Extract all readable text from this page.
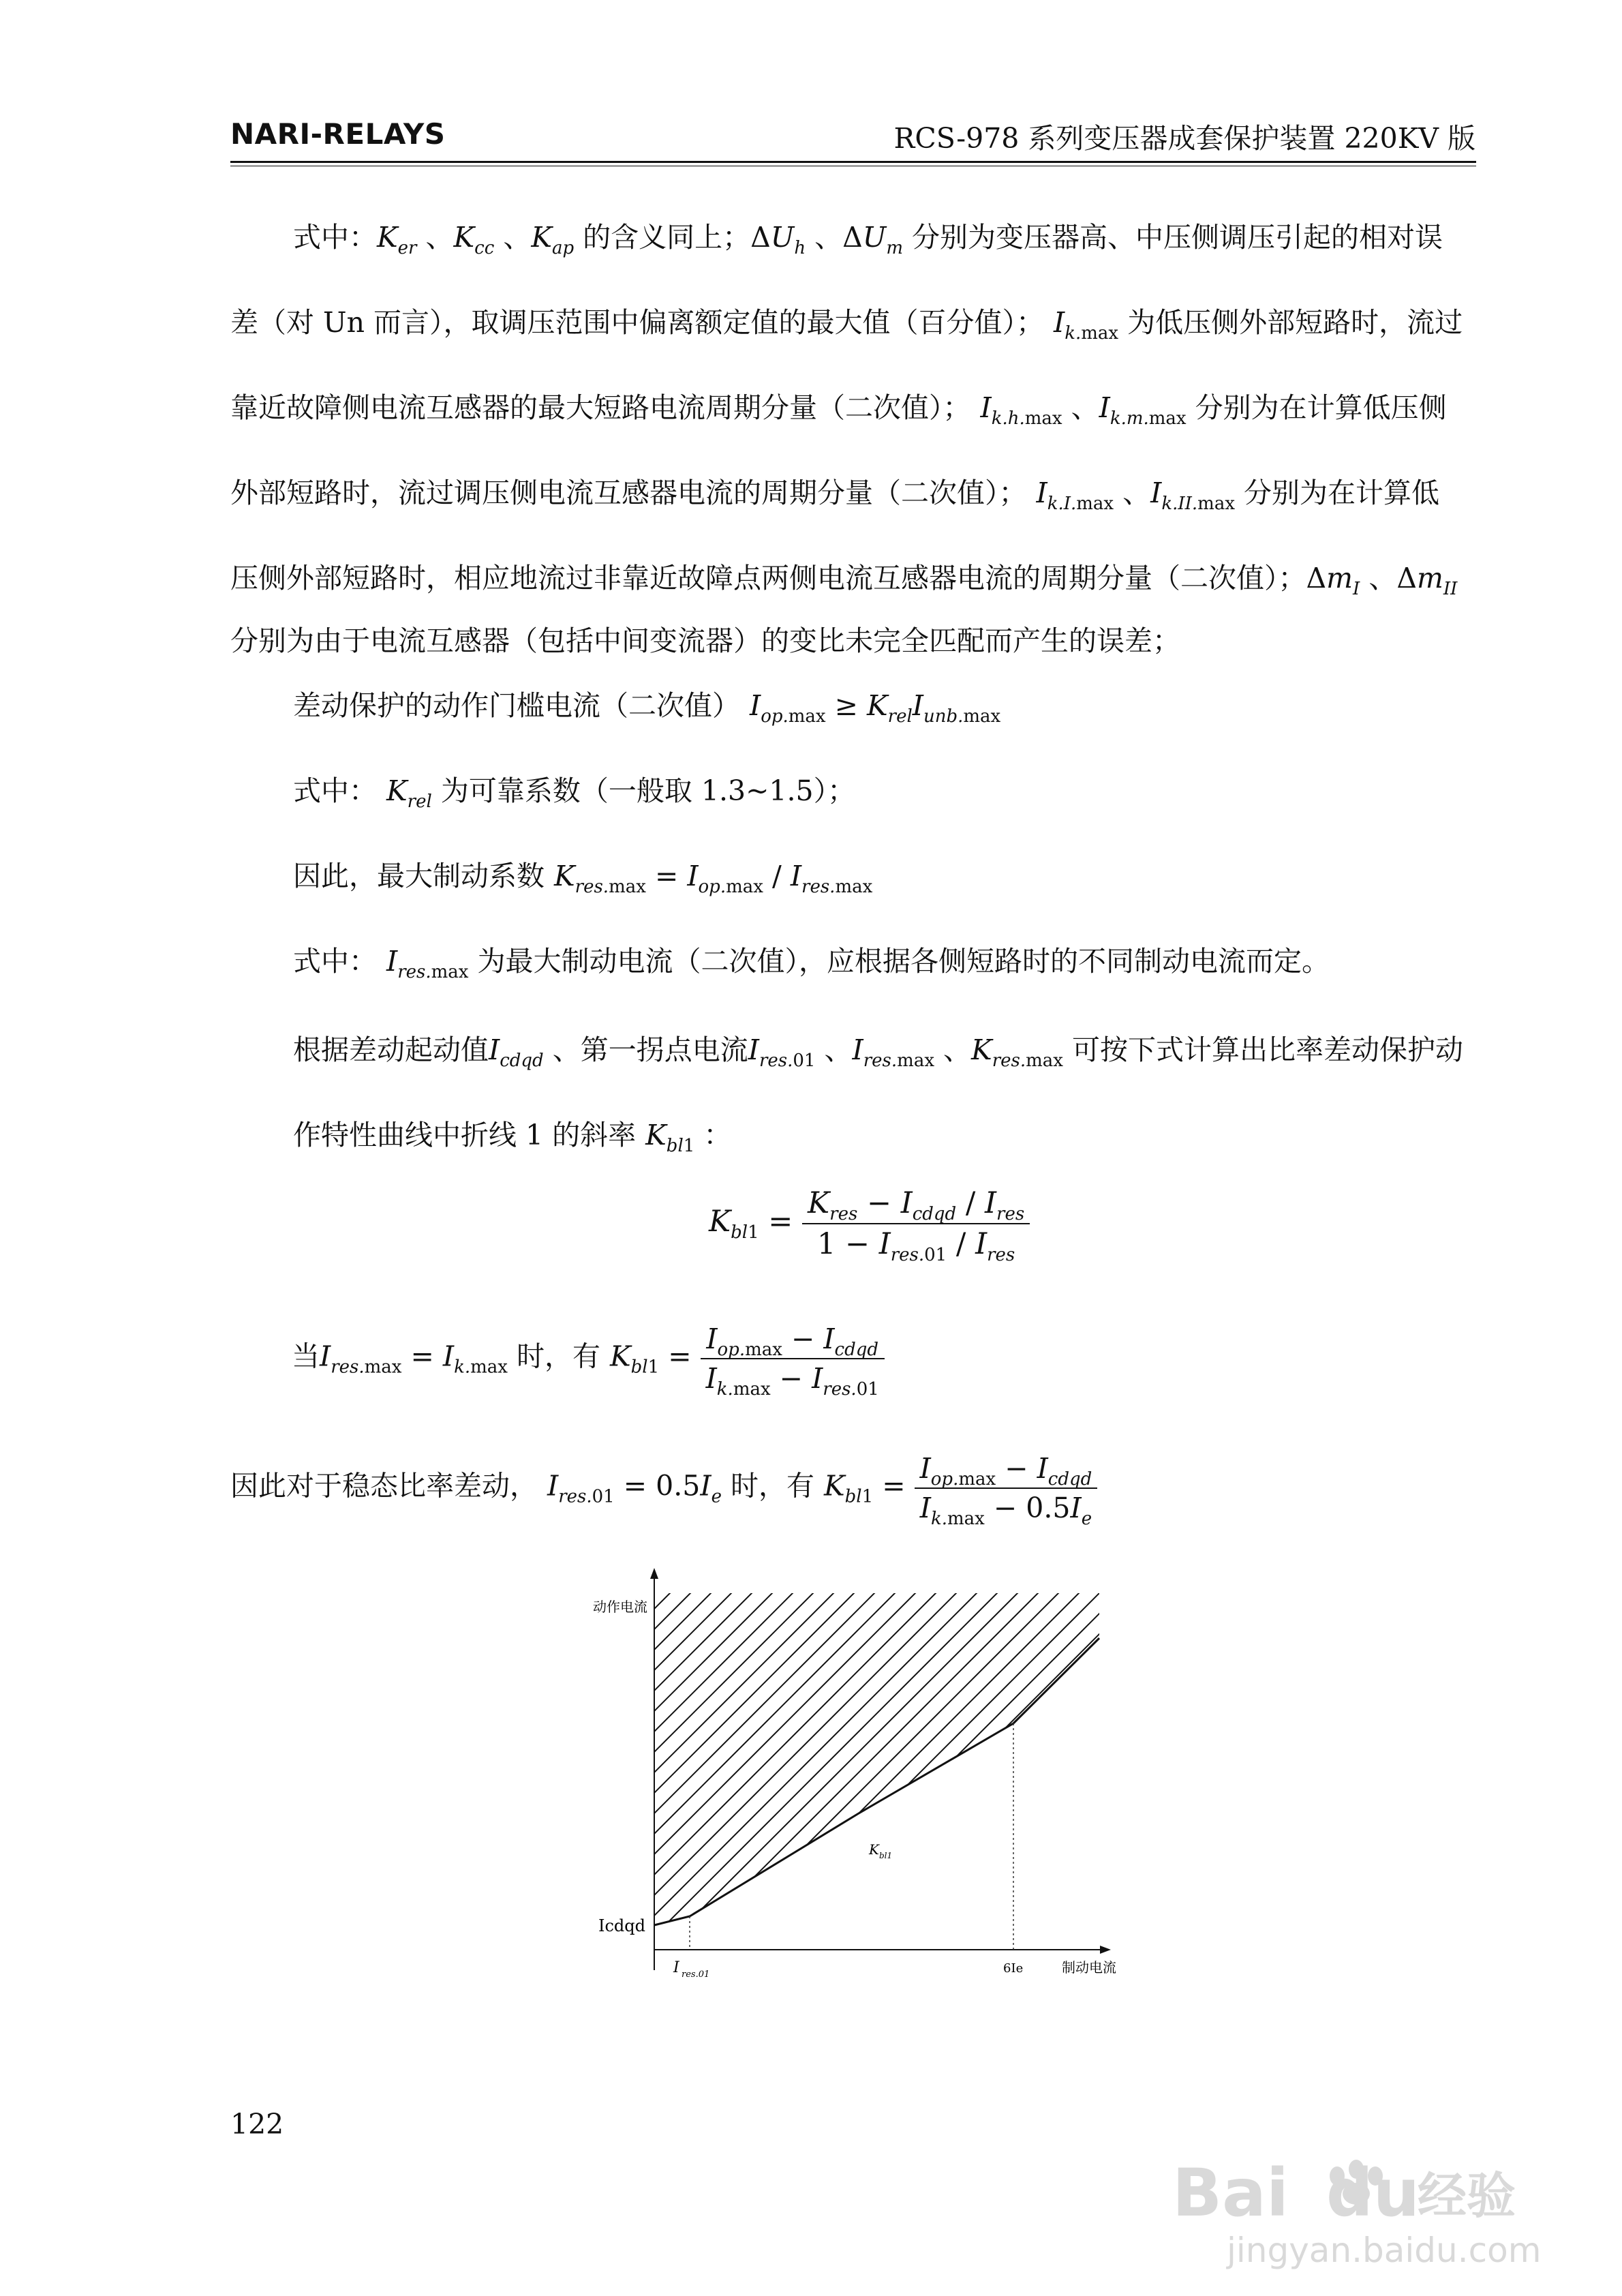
NARI-RELAYS	RCS-978 系列变压器成套保护装置 220KV 版
式中：$K_{er}$ 、$K_{cc}$ 、$K_{ap}$ 的含义同上；$\Delta U_h$ 、$\Delta U_m$ 分别为变压器高、中压侧调压引起的相对误
差（对 Un 而言），取调压范围中偏离额定值的最大值（百分值）； $I_{k.max}$ 为低压侧外部短路时，流过
靠近故障侧电流互感器的最大短路电流周期分量（二次值）； $I_{k.h.max}$ 、$I_{k.m.max}$ 分别为在计算低压侧
外部短路时，流过调压侧电流互感器电流的周期分量（二次值）； $I_{k.I.max}$ 、$I_{k.II.max}$ 分别为在计算低
压侧外部短路时，相应地流过非靠近故障点两侧电流互感器电流的周期分量（二次值）；$\Delta m_I$ 、$\Delta m_{II}$
分别为由于电流互感器（包括中间变流器）的变比未完全匹配而产生的误差；
差动保护的动作门槛电流（二次值） $I_{op.max} \ge K_{rel}I_{unb.max}$
式中： $K_{rel}$ 为可靠系数（一般取 1.3~1.5）；
因此，最大制动系数 $K_{res.max} = I_{op.max} / I_{res.max}$
式中： $I_{res.max}$ 为最大制动电流（二次值），应根据各侧短路时的不同制动电流而定。
根据差动起动值$I_{cdqd}$ 、第一拐点电流$I_{res.01}$ 、$I_{res.max}$ 、$K_{res.max}$ 可按下式计算出比率差动保护动
作特性曲线中折线 1 的斜率 $K_{bl1}$ ：
$K_{bl1} = \frac{K_{res} - I_{cdqd} / I_{res}}{1 - I_{res.01} / I_{res}}$
当$I_{res.max} = I_{k.max}$ 时，有 $K_{bl1} = \frac{I_{op.max} - I_{cdqd}}{I_{k.max} - I_{res.01}}$
因此对于稳态比率差动， $I_{res.01} = 0.5I_e$ 时，有 $K_{bl1} = \frac{I_{op.max} - I_{cdqd}}{I_{k.max} - 0.5I_e}$
动作电流
制动电流
Icdqd
I res.01	6Ie
K bl1
122
Bai du
经验
jingyan.baidu.com
